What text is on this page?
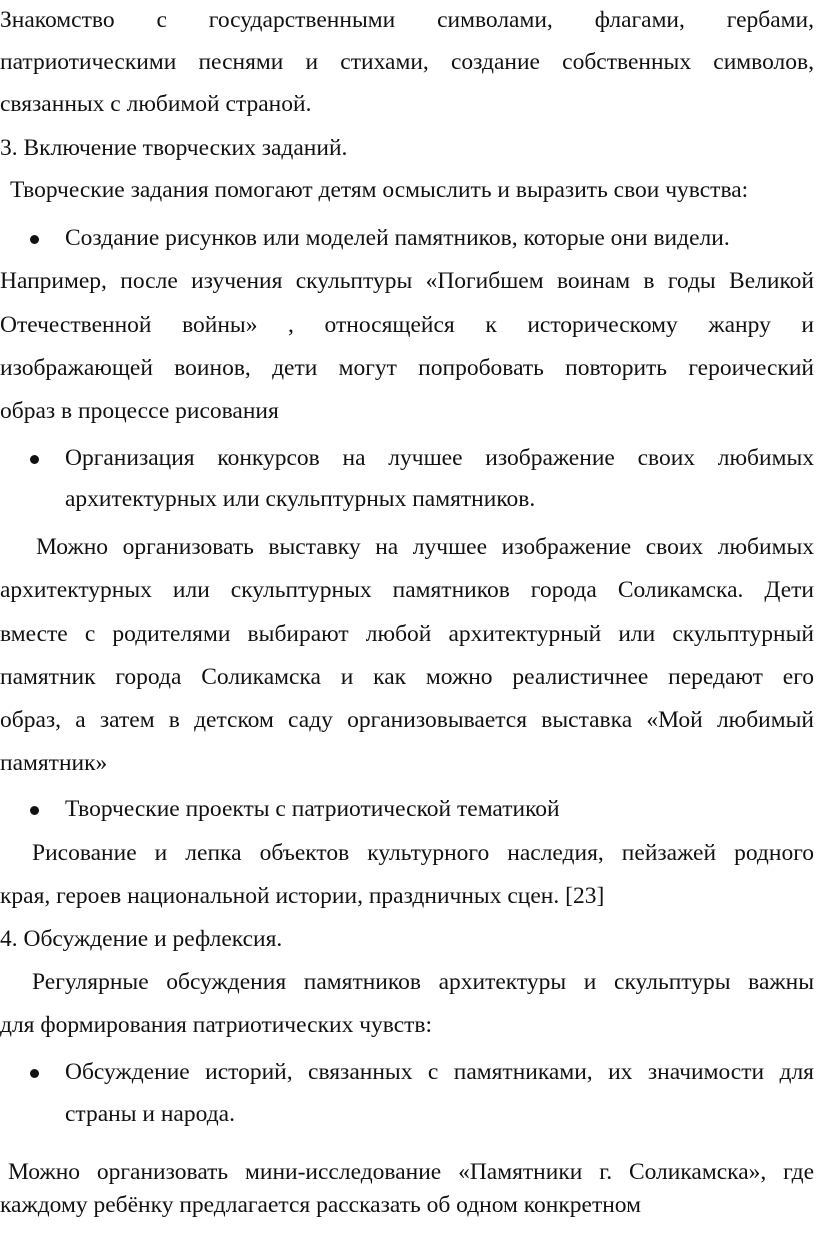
Знакомство с государственными символами, флагами, гербами,
патриотическими песнями и стихами, создание собственных символов,
связанных с любимой страной.
3. Включение творческих заданий.
Творческие задания помогают детям осмыслить и выразить свои чувства:
Создание рисунков или моделей памятников, которые они видели.
Например, после изучения скульптуры «Погибшем воинам в годы Великой
Отечественной войны» , относящейся к историческому жанру и
изображающей воинов, дети могут попробовать повторить героический
образ в процессе рисования
Организация конкурсов на лучшее изображение своих любимых
архитектурных или скульптурных памятников.
Можно организовать выставку на лучшее изображение своих любимых
архитектурных или скульптурных памятников города Соликамска. Дети
вместе с родителями выбирают любой архитектурный или скульптурный
памятник города Соликамска и как можно реалистичнее передают его
образ, а затем в детском саду организовывается выставка «Мой любимый
памятник»
Творческие проекты с патриотической тематикой
Рисование и лепка объектов культурного наследия, пейзажей родного
края, героев национальной истории, праздничных сцен. [23]
4. Обсуждение и рефлексия.
Регулярные обсуждения памятников архитектуры и скульптуры важны
для формирования патриотических чувств:
Обсуждение историй, связанных с памятниками, их значимости для
страны и народа.
Можно организовать мини-исследование «Памятники г. Соликамска», где
каждому ребёнку предлагается рассказать об одном конкретном
